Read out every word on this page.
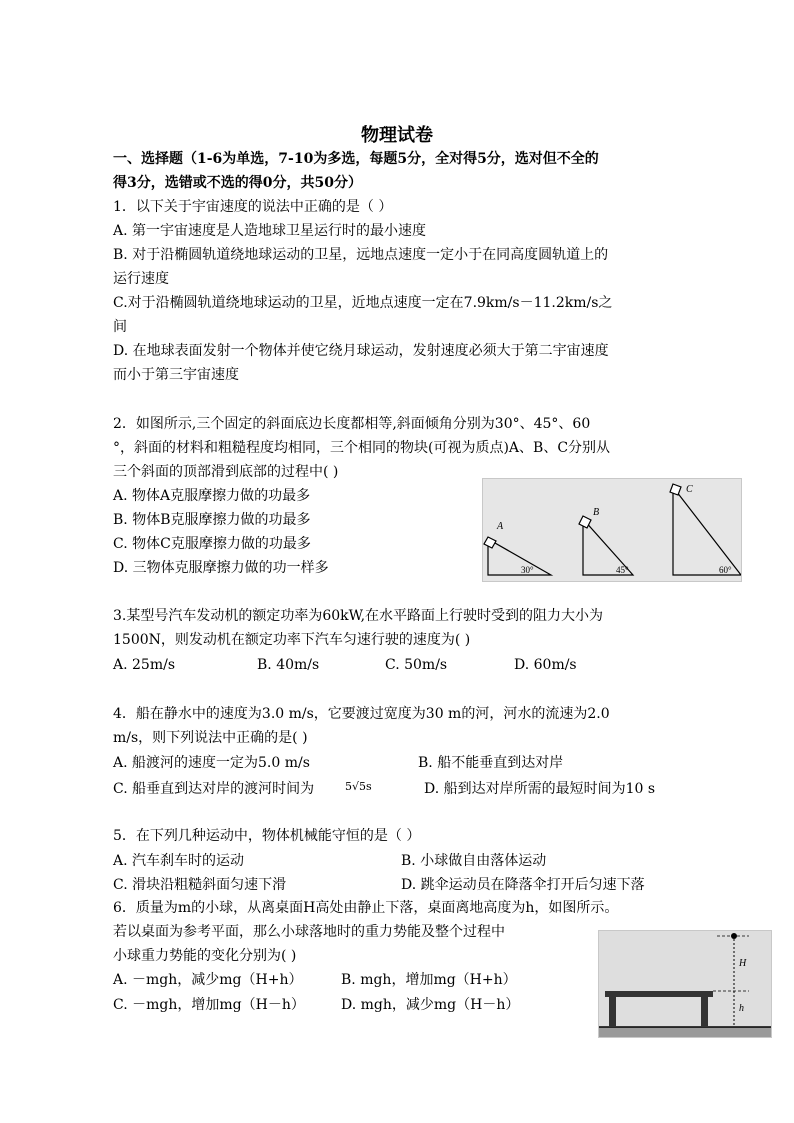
物理试卷
一、选择题（1-6为单选，7-10为多选，每题5分，全对得5分，选对但不全的
得3分，选错或不选的得0分，共50分）
1．以下关于宇宙速度的说法中正确的是（ ）
A. 第一宇宙速度是人造地球卫星运行时的最小速度
B. 对于沿椭圆轨道绕地球运动的卫星，远地点速度一定小于在同高度圆轨道上的
运行速度
C.对于沿椭圆轨道绕地球运动的卫星，近地点速度一定在7.9km/s－11.2km/s之
间
D. 在地球表面发射一个物体并使它绕月球运动，发射速度必须大于第二宇宙速度
而小于第三宇宙速度
2．如图所示,三个固定的斜面底边长度都相等,斜面倾角分别为30°、45°、60
°，斜面的材料和粗糙程度均相同，三个相同的物块(可视为质点)A、B、C分别从
三个斜面的顶部滑到底部的过程中( )
A. 物体A克服摩擦力做的功最多
B. 物体B克服摩擦力做的功最多
C. 物体C克服摩擦力做的功最多
D. 三物体克服摩擦力做的功一样多
A
B
C
30°	45°	60°
3.某型号汽车发动机的额定功率为60kW,在水平路面上行驶时受到的阻力大小为
1500N，则发动机在额定功率下汽车匀速行驶的速度为( )
A. 25m/s	B. 40m/s	C. 50m/s	D. 60m/s
4．船在静水中的速度为3.0 m/s，它要渡过宽度为30 m的河，河水的流速为2.0
m/s，则下列说法中正确的是( )
A. 船渡河的速度一定为5.0 m/s	B. 船不能垂直到达对岸
C. 船垂直到达对岸的渡河时间为	5√5s	D. 船到达对岸所需的最短时间为10 s
5．在下列几种运动中，物体机械能守恒的是（ ）
A. 汽车刹车时的运动	B. 小球做自由落体运动
C. 滑块沿粗糙斜面匀速下滑	D. 跳伞运动员在降落伞打开后匀速下落
6．质量为m的小球，从离桌面H高处由静止下落，桌面离地高度为h，如图所示。
若以桌面为参考平面，那么小球落地时的重力势能及整个过程中
小球重力势能的变化分别为( )
A. －mgh，减少mg（H+h）	B. mgh，增加mg（H+h）
C. －mgh，增加mg（H－h）	D. mgh，减少mg（H－h）
H
h
